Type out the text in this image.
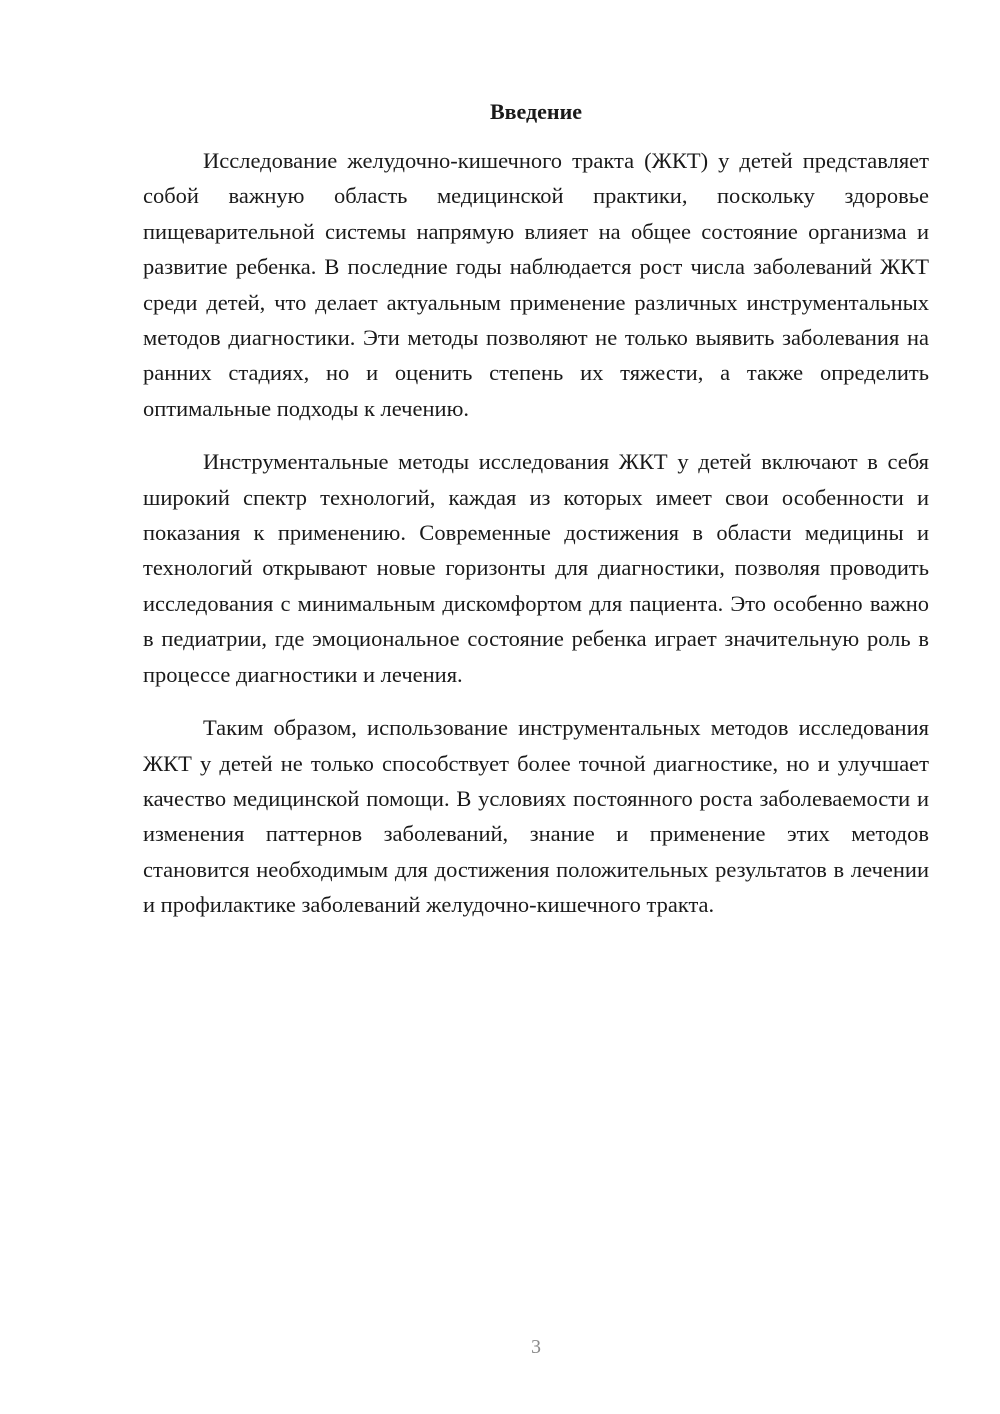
Введение

Исследование желудочно-кишечного тракта (ЖКТ) у детей представляет собой важную область медицинской практики, поскольку здоровье пищеварительной системы напрямую влияет на общее состояние организма и развитие ребенка. В последние годы наблюдается рост числа заболеваний ЖКТ среди детей, что делает актуальным применение различных инструментальных методов диагностики. Эти методы позволяют не только выявить заболевания на ранних стадиях, но и оценить степень их тяжести, а также определить оптимальные подходы к лечению.

Инструментальные методы исследования ЖКТ у детей включают в себя широкий спектр технологий, каждая из которых имеет свои особенности и показания к применению. Современные достижения в области медицины и технологий открывают новые горизонты для диагностики, позволяя проводить исследования с минимальным дискомфортом для пациента. Это особенно важно в педиатрии, где эмоциональное состояние ребенка играет значительную роль в процессе диагностики и лечения.

Таким образом, использование инструментальных методов исследования ЖКТ у детей не только способствует более точной диагностике, но и улучшает качество медицинской помощи. В условиях постоянного роста заболеваемости и изменения паттернов заболеваний, знание и применение этих методов становится необходимым для достижения положительных результатов в лечении и профилактике заболеваний желудочно-кишечного тракта.

3
